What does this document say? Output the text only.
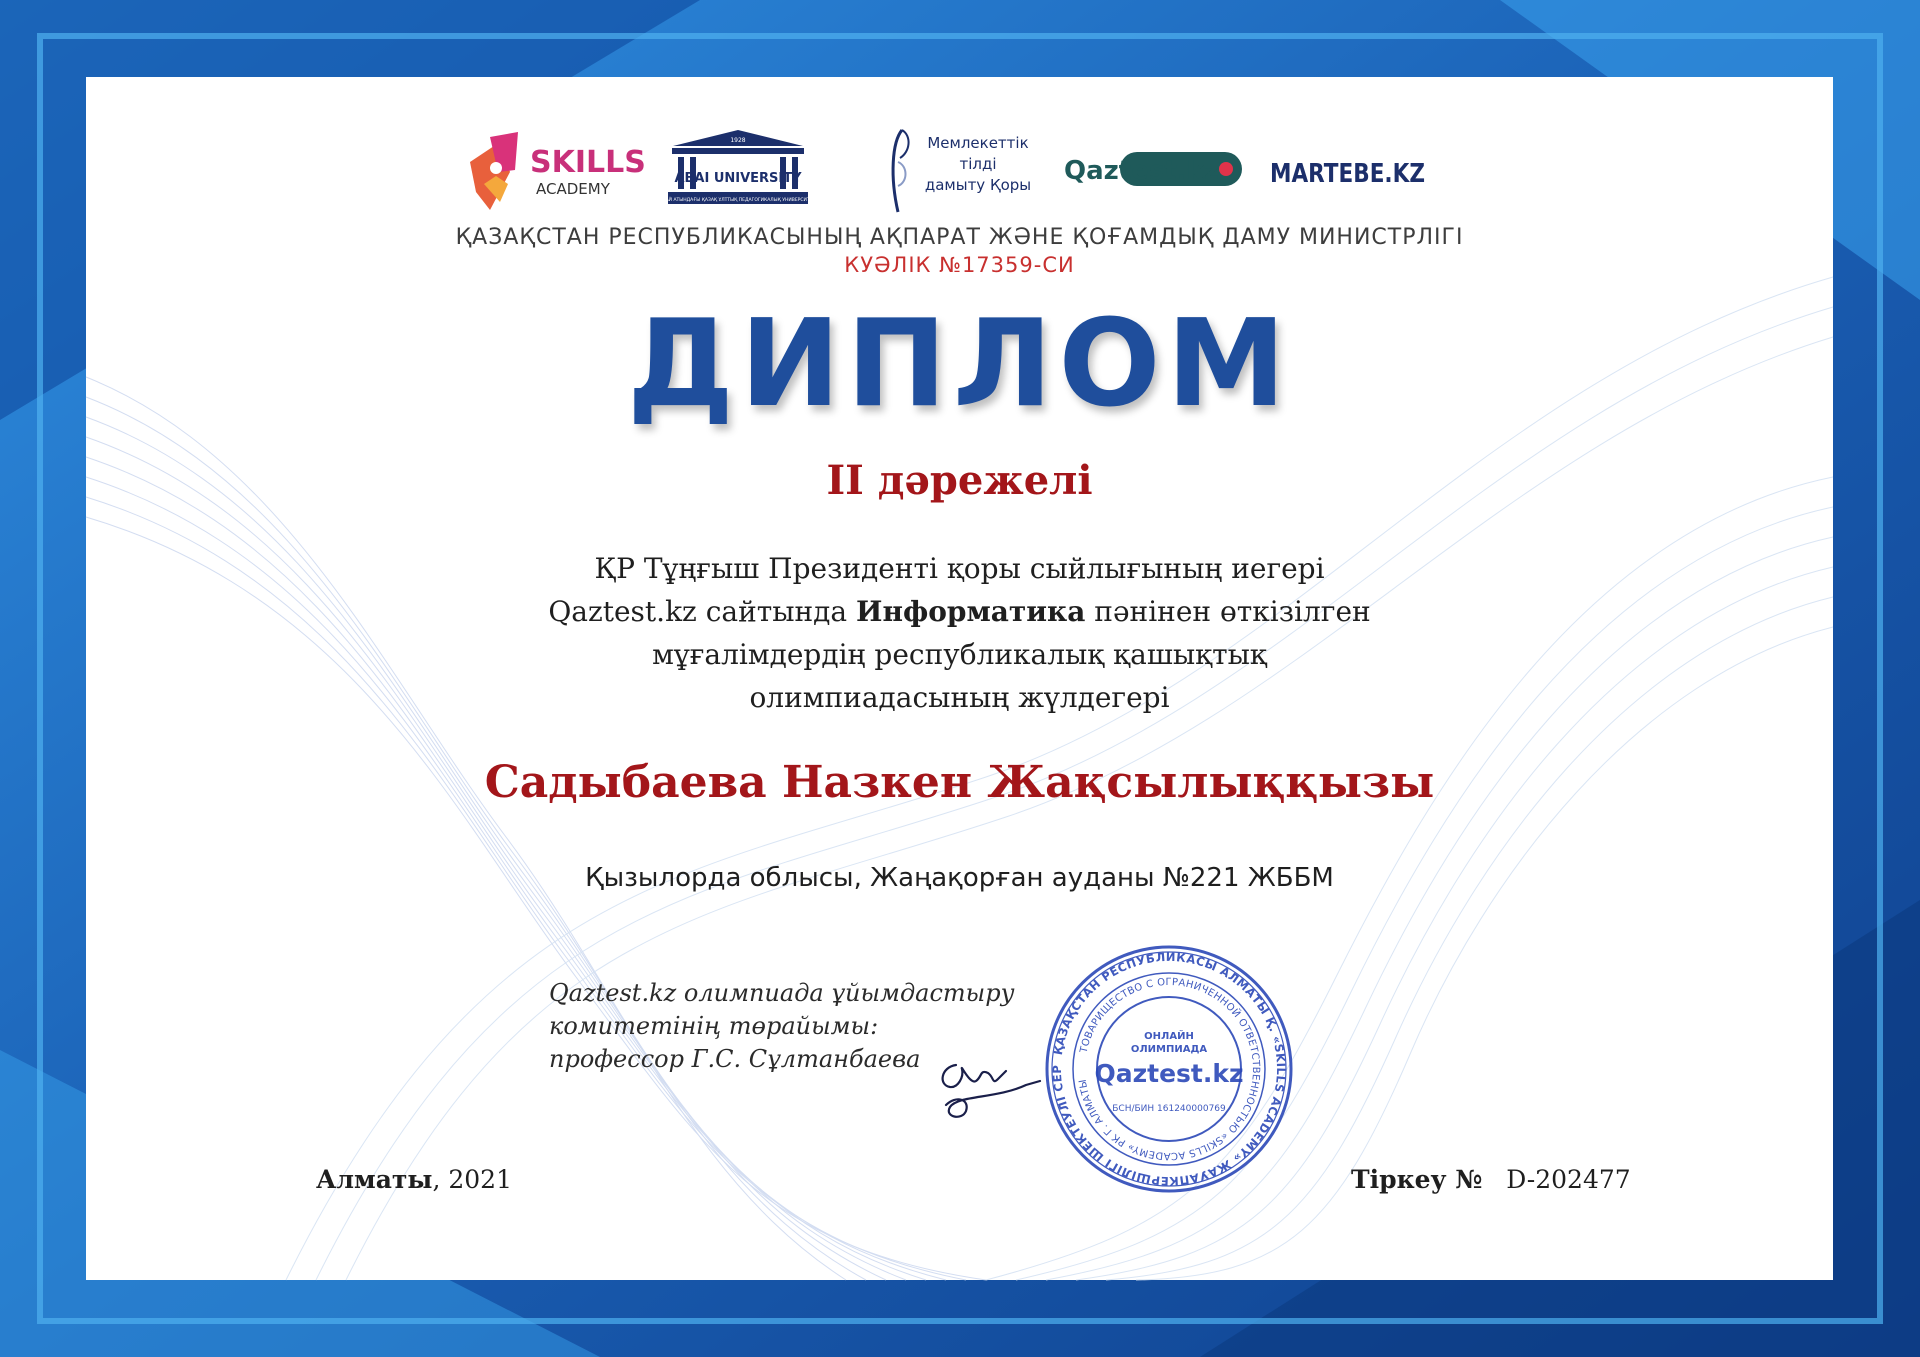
SKILLS
ACADEMY
ABAI UNIVERSITY
1928
АБАЙ АТЫНДАҒЫ ҚАЗАҚ ҰЛТТЫҚ ПЕДАГОГИКАЛЫҚ УНИВЕРСИТЕТІ
Мемлекеттік
тілді
дамыту Қоры Qaztest.kz MARTEBE.KZ
ҚАЗАҚСТАН РЕСПУБЛИКАСЫНЫҢ АҚПАРАТ ЖӘНЕ ҚОҒАМДЫҚ ДАМУ МИНИСТРЛІГІ
КУӘЛІК №17359-СИ
ДИПЛОМ
II дәрежелі
ҚР Тұңғыш Президенті қоры сыйлығының иегері
Qaztest.kz сайтында Информатика пәнінен өткізілген
мұғалімдердің республикалық қашықтық
олимпиадасының жүлдегері
Садыбаева Назкен Жақсылыққызы
Қызылорда облысы, Жаңақорған ауданы №221 ЖББМ
Qaztest.kz олимпиада ұйымдастыру
комитетінің төрайымы:
профессор Г.С. Сұлтанбаева	ҚАЗАҚСТАН РЕСПУБЛИКАСЫ АЛМАТЫ Қ. «SKILLS ACADEMY» ЖАУАПКЕРШІЛІГІ ШЕКТЕУЛІ СЕР
ТОВАРИЩЕСТВО С ОГРАНИЧЕННОЙ ОТВЕТСТВЕННОСТЬЮ «SKILLS ACADEMY» РК Г. АЛМАТЫ
ОНЛАЙН
ОЛИМПИАДА
Qaztest.kz
БСН/БИН 161240000769
Алматы, 2021	Тіркеу № D-202477
